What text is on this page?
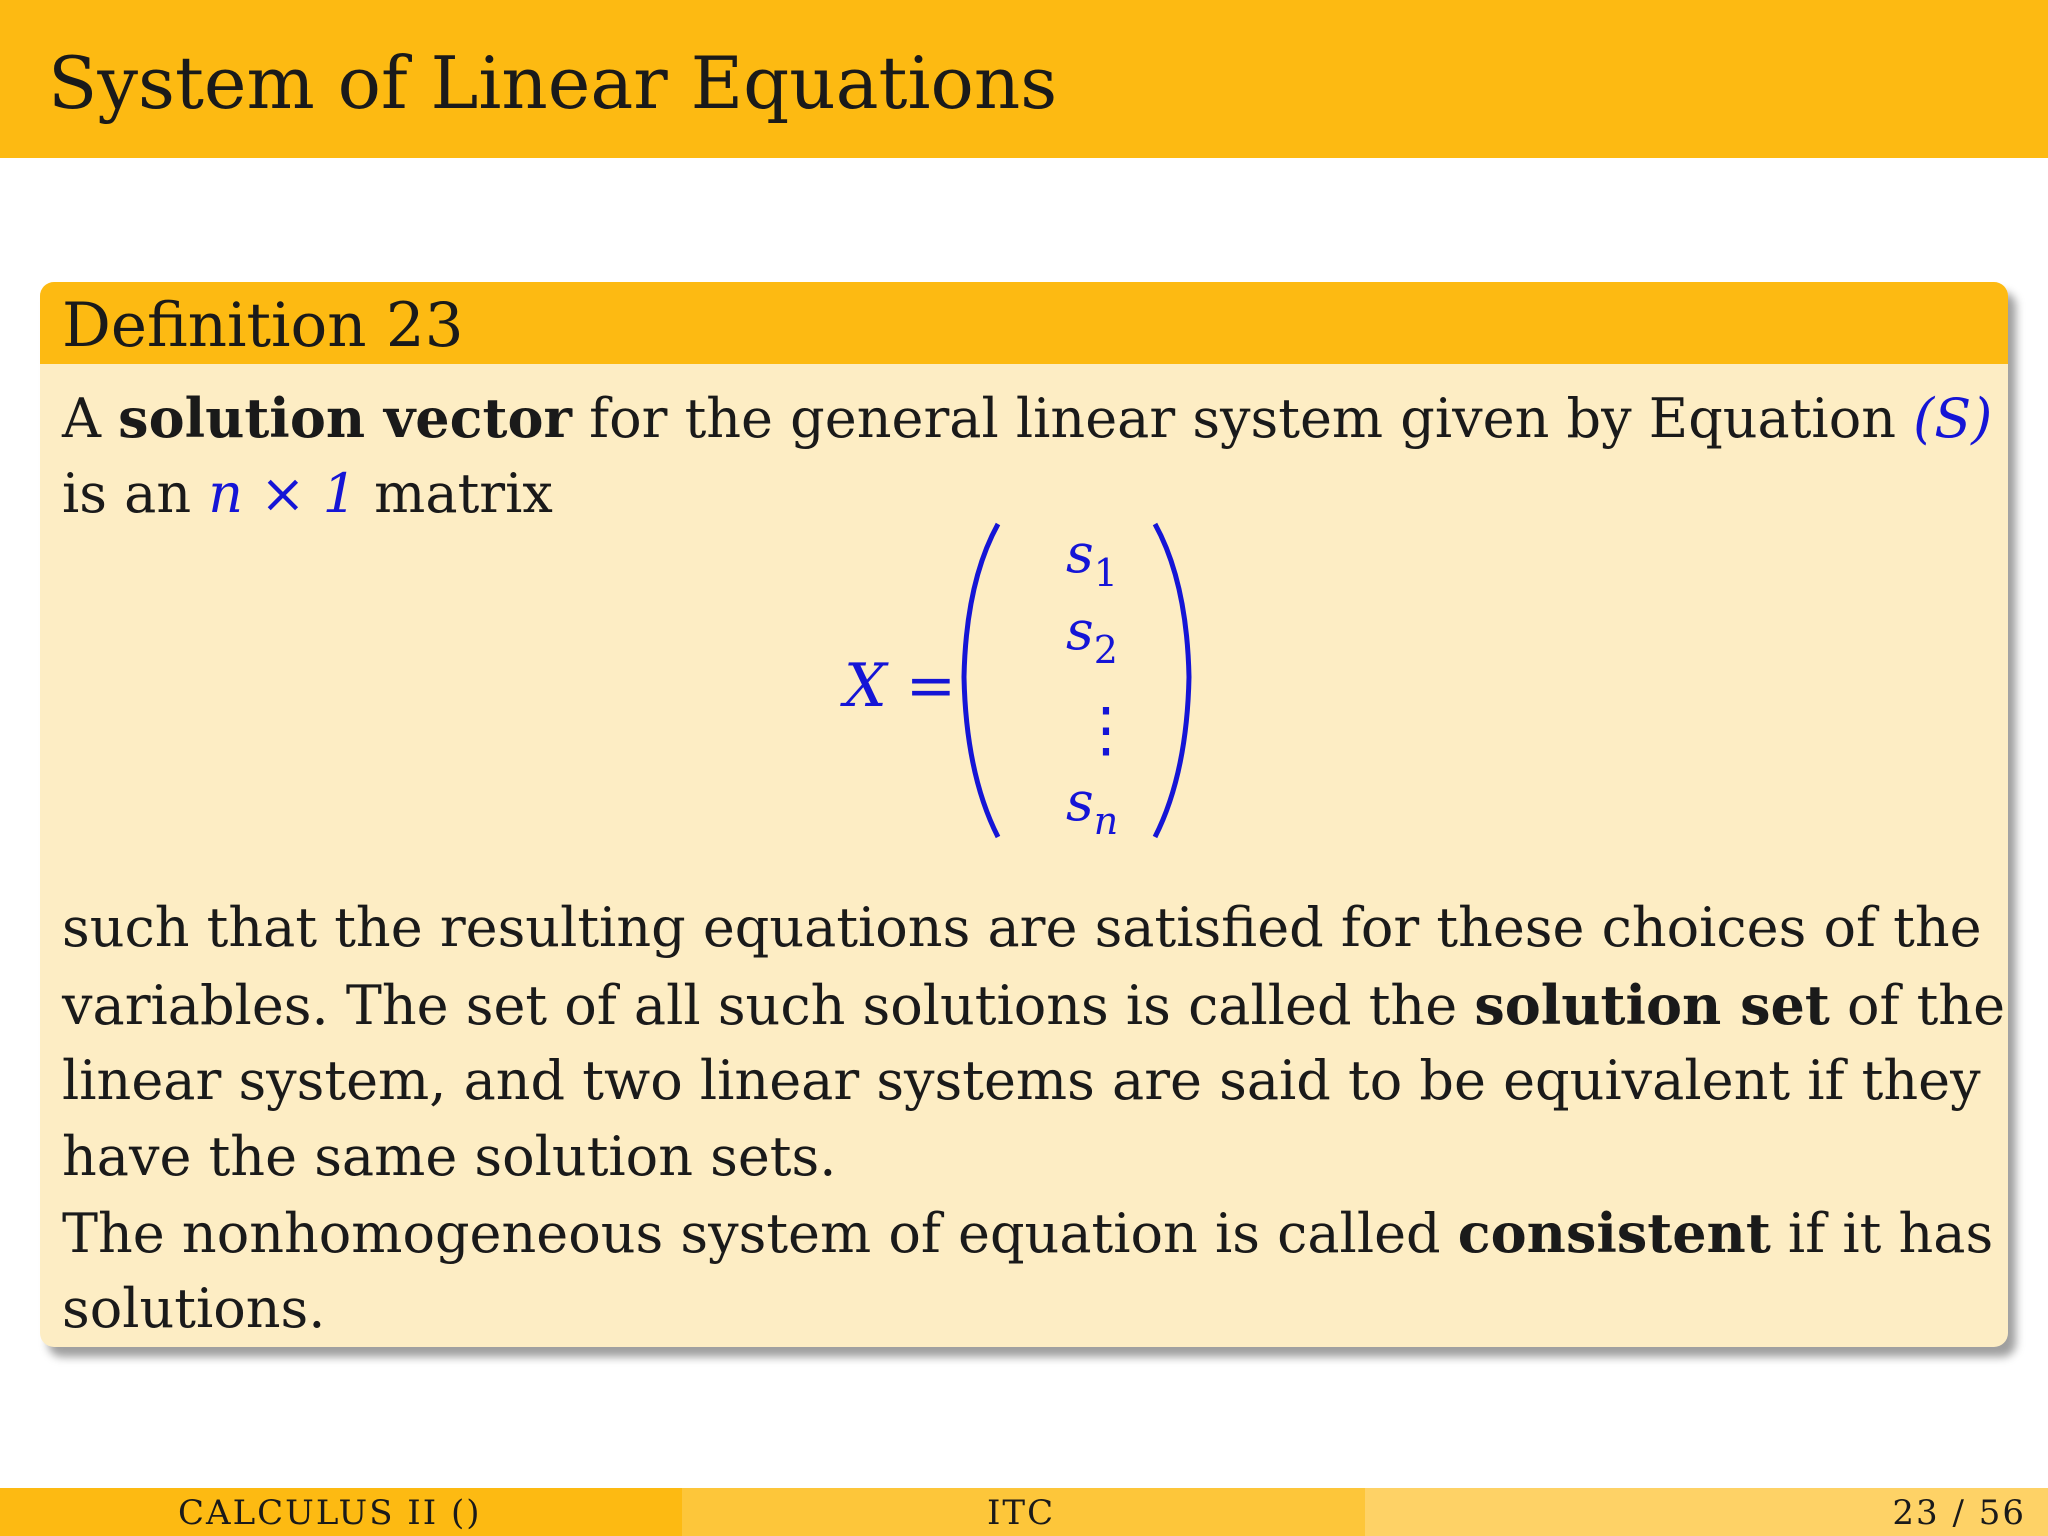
System of Linear Equations
Definition 23
A solution vector for the general linear system given by Equation (S)
is an n × 1 matrix
X =
$s_1$
$s_2$
⋮
$s_n$
such that the resulting equations are satisfied for these choices of the
variables. The set of all such solutions is called the solution set of the
linear system, and two linear systems are said to be equivalent if they
have the same solution sets.
The nonhomogeneous system of equation is called consistent if it has
solutions.
CALCULUS II ()	ITC	23 / 56
